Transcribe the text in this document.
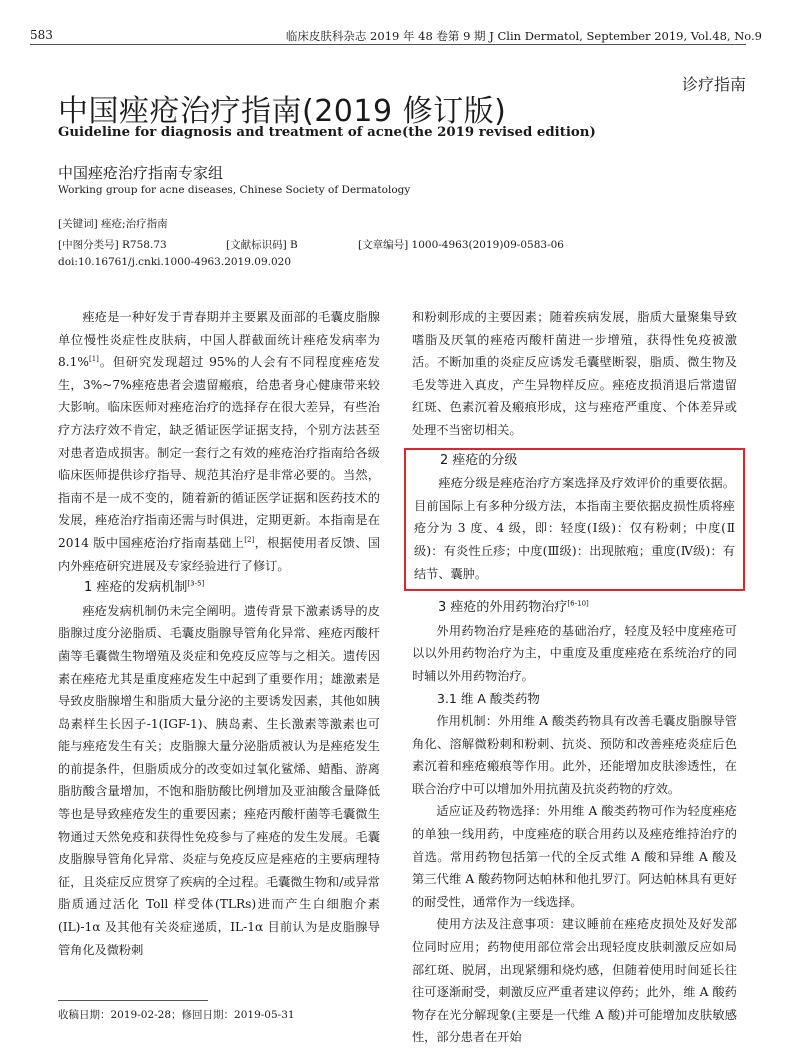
583	临床皮肤科杂志 2019 年 48 卷第 9 期 J Clin Dermatol, September 2019, Vol.48, No.9
诊疗指南
中国痤疮治疗指南(2019 修订版)
Guideline for diagnosis and treatment of acne(the 2019 revised edition)
中国痤疮治疗指南专家组
Working group for acne diseases, Chinese Society of Dermatology
[关键词] 痤疮;治疗指南
[中图分类号] R758.73	[文献标识码] B	[文章编号] 1000-4963(2019)09-0583-06
doi:10.16761/j.cnki.1000-4963.2019.09.020

痤疮是一种好发于青春期并主要累及面部的毛囊皮脂腺单位慢性炎症性皮肤病，中国人群截面统计痤疮发病率为 8.1%[1]。但研究发现超过 95%的人会有不同程度痤疮发生，3%~7%痤疮患者会遗留瘢痕，给患者身心健康带来较大影响。临床医师对痤疮治疗的选择存在很大差异，有些治疗方法疗效不肯定，缺乏循证医学证据支持，个别方法甚至对患者造成损害。制定一套行之有效的痤疮治疗指南给各级临床医师提供诊疗指导、规范其治疗是非常必要的。当然，指南不是一成不变的，随着新的循证医学证据和医药技术的发展，痤疮治疗指南还需与时俱进，定期更新。本指南是在2014 版中国痤疮治疗指南基础上[2]，根据使用者反馈、国内外痤疮研究进展及专家经验进行了修订。

1 痤疮的发病机制[3-5]

痤疮发病机制仍未完全阐明。遗传背景下激素诱导的皮脂腺过度分泌脂质、毛囊皮脂腺导管角化异常、痤疮丙酸杆菌等毛囊微生物增殖及炎症和免疫反应等与之相关。遗传因素在痤疮尤其是重度痤疮发生中起到了重要作用；雄激素是导致皮脂腺增生和脂质大量分泌的主要诱发因素，其他如胰岛素样生长因子-1(IGF-1)、胰岛素、生长激素等激素也可能与痤疮发生有关；皮脂腺大量分泌脂质被认为是痤疮发生的前提条件，但脂质成分的改变如过氧化鲨烯、蜡酯、游离脂肪酸含量增加，不饱和脂肪酸比例增加及亚油酸含量降低等也是导致痤疮发生的重要因素；痤疮丙酸杆菌等毛囊微生物通过天然免疫和获得性免疫参与了痤疮的发生发展。毛囊皮脂腺导管角化异常、炎症与免疫反应是痤疮的主要病理特征，且炎症反应贯穿了疾病的全过程。毛囊微生物和/或异常脂质通过活化 Toll 样受体(TLRs)进而产生白细胞介素(IL)-1α 及其他有关炎症递质，IL-1α 目前认为是皮脂腺导管角化及微粉刺

和粉刺形成的主要因素；随着疾病发展，脂质大量聚集导致嗜脂及厌氧的痤疮丙酸杆菌进一步增殖，获得性免疫被激活。不断加重的炎症反应诱发毛囊壁断裂，脂质、微生物及毛发等进入真皮，产生异物样反应。痤疮皮损消退后常遗留红斑、色素沉着及瘢痕形成，这与痤疮严重度、个体差异或处理不当密切相关。

2 痤疮的分级

痤疮分级是痤疮治疗方案选择及疗效评价的重要依据。目前国际上有多种分级方法，本指南主要依据皮损性质将痤疮分为 3 度、4 级，即：轻度(Ⅰ级)：仅有粉刺；中度(Ⅱ级)：有炎性丘疹；中度(Ⅲ级)：出现脓疱；重度(Ⅳ级)：有结节、囊肿。

3 痤疮的外用药物治疗[6-10]

外用药物治疗是痤疮的基础治疗，轻度及轻中度痤疮可以以外用药物治疗为主，中重度及重度痤疮在系统治疗的同时辅以外用药物治疗。

3.1 维 A 酸类药物

作用机制：外用维 A 酸类药物具有改善毛囊皮脂腺导管角化、溶解微粉刺和粉刺、抗炎、预防和改善痤疮炎症后色素沉着和痤疮瘢痕等作用。此外，还能增加皮肤渗透性，在联合治疗中可以增加外用抗菌及抗炎药物的疗效。

适应证及药物选择：外用维 A 酸类药物可作为轻度痤疮的单独一线用药，中度痤疮的联合用药以及痤疮维持治疗的首选。常用药物包括第一代的全反式维 A 酸和异维 A 酸及第三代维 A 酸药物阿达帕林和他扎罗汀。阿达帕林具有更好的耐受性，通常作为一线选择。

使用方法及注意事项：建议睡前在痤疮皮损处及好发部位同时应用；药物使用部位常会出现轻度皮肤刺激反应如局部红斑、脱屑，出现紧绷和烧灼感，但随着使用时间延长往往可逐渐耐受，刺激反应严重者建议停药；此外，维 A 酸药物存在光分解现象(主要是一代维 A 酸)并可能增加皮肤敏感性，部分患者在开始

收稿日期：2019-02-28；修回日期：2019-05-31
